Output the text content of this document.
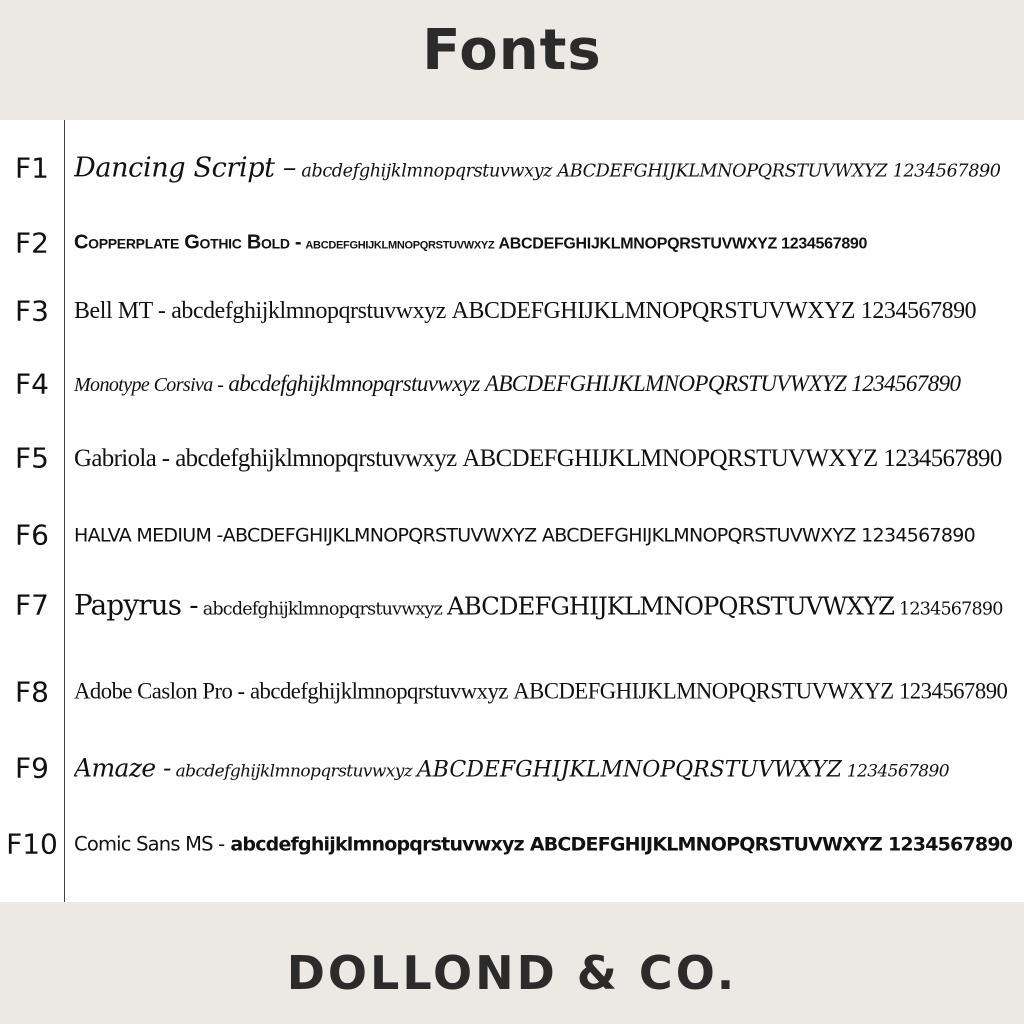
Fonts
F1 Dancing Script – abcdefghijklmnopqrstuvwxyz ABCDEFGHIJKLMNOPQRSTUVWXYZ 1234567890
F2	Copperplate Gothic Bold - abcdefghijklmnopqrstuvwxyz ABCDEFGHIJKLMNOPQRSTUVWXYZ 1234567890
F3	Bell MT - abcdefghijklmnopqrstuvwxyz ABCDEFGHIJKLMNOPQRSTUVWXYZ 1234567890
F4	Monotype Corsiva - abcdefghijklmnopqrstuvwxyz ABCDEFGHIJKLMNOPQRSTUVWXYZ 1234567890
F5	Gabriola - abcdefghijklmnopqrstuvwxyz ABCDEFGHIJKLMNOPQRSTUVWXYZ 1234567890
F6	HALVA MEDIUM -ABCDEFGHIJKLMNOPQRSTUVWXYZ ABCDEFGHIJKLMNOPQRSTUVWXYZ 1234567890
F7 Papyrus - abcdefghijklmnopqrstuvwxyz ABCDEFGHIJKLMNOPQRSTUVWXYZ 1234567890
F8	Adobe Caslon Pro - abcdefghijklmnopqrstuvwxyz ABCDEFGHIJKLMNOPQRSTUVWXYZ 1234567890
F9	Amaze - abcdefghijklmnopqrstuvwxyz ABCDEFGHIJKLMNOPQRSTUVWXYZ 1234567890
F10 Comic Sans MS - abcdefghijklmnopqrstuvwxyz ABCDEFGHIJKLMNOPQRSTUVWXYZ 1234567890
DOLLOND & CO.
